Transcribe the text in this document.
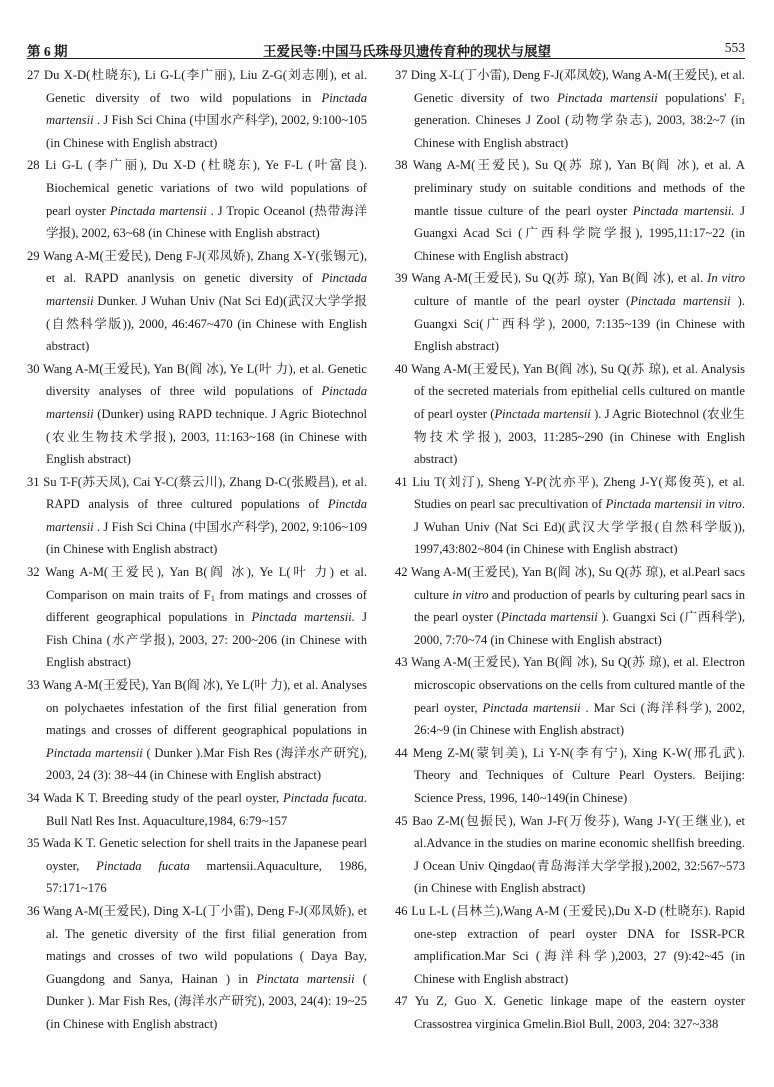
第 6 期	王爱民等:中国马氏珠母贝遗传育种的现状与展望	553

27 Du X-D(杜晓东), Li G-L(李广丽), Liu Z-G(刘志刚), et al. Genetic diversity of two wild populations in Pinctada martensii . J Fish Sci China (中国水产科学), 2002, 9:100~105 (in Chinese with English abstract)

28 Li G-L (李广丽), Du X-D (杜晓东), Ye F-L (叶富良). Biochemical genetic variations of two wild populations of pearl oyster Pinctada martensii . J Tropic Oceanol (热带海洋学报), 2002, 63~68 (in Chinese with English abstract)

29 Wang A-M(王爱民), Deng F-J(邓凤娇), Zhang X-Y(张锡元), et al. RAPD ananlysis on genetic diversity of Pinctada martensii Dunker. J Wuhan Univ (Nat Sci Ed)(武汉大学学报 (自然科学版)), 2000, 46:467~470 (in Chinese with English abstract)

30 Wang A-M(王爱民), Yan B(阎 冰), Ye L(叶 力), et al. Genetic diversity analyses of three wild populations of Pinctada martensii (Dunker) using RAPD technique. J Agric Biotechnol (农业生物技术学报), 2003, 11:163~168 (in Chinese with English abstract)

31 Su T-F(苏天凤), Cai Y-C(蔡云川), Zhang D-C(张殿昌), et al. RAPD analysis of three cultured populations of Pinctda martensii . J Fish Sci China (中国水产科学), 2002, 9:106~109 (in Chinese with English abstract)

32 Wang A-M(王爱民), Yan B(阎 冰), Ye L(叶 力) et al. Comparison on main traits of $F_1$ from matings and crosses of different geographical populations in Pinctada martensii. J Fish China (水产学报), 2003, 27: 200~206 (in Chinese with English abstract)

33 Wang A-M(王爱民), Yan B(阎 冰), Ye L(叶 力), et al. Analyses on polychaetes infestation of the first filial generation from matings and crosses of different geographical populations in Pinctada martensii ( Dunker ).Mar Fish Res (海洋水产研究), 2003, 24 (3): 38~44 (in Chinese with English abstract)

34 Wada K T. Breeding study of the pearl oyster, Pinctada fucata. Bull Natl Res Inst. Aquaculture,1984, 6:79~157

35 Wada K T. Genetic selection for shell traits in the Japanese pearl oyster, Pinctada fucata martensii.Aquaculture, 1986, 57:171~176

36 Wang A-M(王爱民), Ding X-L(丁小雷), Deng F-J(邓凤娇), et al. The genetic diversity of the first filial generation from matings and crosses of two wild populations ( Daya Bay, Guangdong and Sanya, Hainan ) in Pinctata martensii ( Dunker ). Mar Fish Res, (海洋水产研究), 2003, 24(4): 19~25 (in Chinese with English abstract)

37 Ding X-L(丁小雷), Deng F-J(邓凤姣), Wang A-M(王爱民), et al. Genetic diversity of two Pinctada martensii populations' $F_1$ generation. Chineses J Zool (动物学杂志), 2003, 38:2~7 (in Chinese with English abstract)

38 Wang A-M(王爱民), Su Q(苏 琼), Yan B(阎 冰), et al. A preliminary study on suitable conditions and methods of the mantle tissue culture of the pearl oyster Pinctada martensii. J Guangxi Acad Sci (广西科学院学报), 1995,11:17~22 (in Chinese with English abstract)

39 Wang A-M(王爱民), Su Q(苏 琼), Yan B(阎 冰), et al. In vitro culture of mantle of the pearl oyster (Pinctada martensii ). Guangxi Sci(广西科学), 2000, 7:135~139 (in Chinese with English abstract)

40 Wang A-M(王爱民), Yan B(阎 冰), Su Q(苏 琼), et al. Analysis of the secreted materials from epithelial cells cultured on mantle of pearl oyster (Pinctada martensii ). J Agric Biotechnol (农业生物技术学报), 2003, 11:285~290 (in Chinese with English abstract)

41 Liu T(刘汀), Sheng Y-P(沈亦平), Zheng J-Y(郑俊英), et al. Studies on pearl sac precultivation of Pinctada martensii in vitro. J Wuhan Univ (Nat Sci Ed)(武汉大学学报(自然科学版)), 1997,43:802~804 (in Chinese with English abstract)

42 Wang A-M(王爱民), Yan B(阎 冰), Su Q(苏 琼), et al.Pearl sacs culture in vitro and production of pearls by culturing pearl sacs in the pearl oyster (Pinctada martensii ). Guangxi Sci (广西科学), 2000, 7:70~74 (in Chinese with English abstract)

43 Wang A-M(王爱民), Yan B(阎 冰), Su Q(苏 琼), et al. Electron microscopic observations on the cells from cultured mantle of the pearl oyster, Pinctada martensii . Mar Sci (海洋科学), 2002, 26:4~9 (in Chinese with English abstract)

44 Meng Z-M(蒙钊美), Li Y-N(李有宁), Xing K-W(邢孔武). Theory and Techniques of Culture Pearl Oysters. Beijing: Science Press, 1996, 140~149(in Chinese)

45 Bao Z-M(包振民), Wan J-F(万俊芬), Wang J-Y(王继业), et al.Advance in the studies on marine economic shellfish breeding. J Ocean Univ Qingdao(青岛海洋大学学报),2002, 32:567~573 (in Chinese with English abstract)

46 Lu L-L (吕林兰),Wang A-M (王爱民),Du X-D (杜晓东). Rapid one-step extraction of pearl oyster DNA for ISSR-PCR amplification.Mar Sci (海洋科学),2003, 27 (9):42~45 (in Chinese with English abstract)

47 Yu Z, Guo X. Genetic linkage mape of the eastern oyster Crassostrea virginica Gmelin.Biol Bull, 2003, 204: 327~338
